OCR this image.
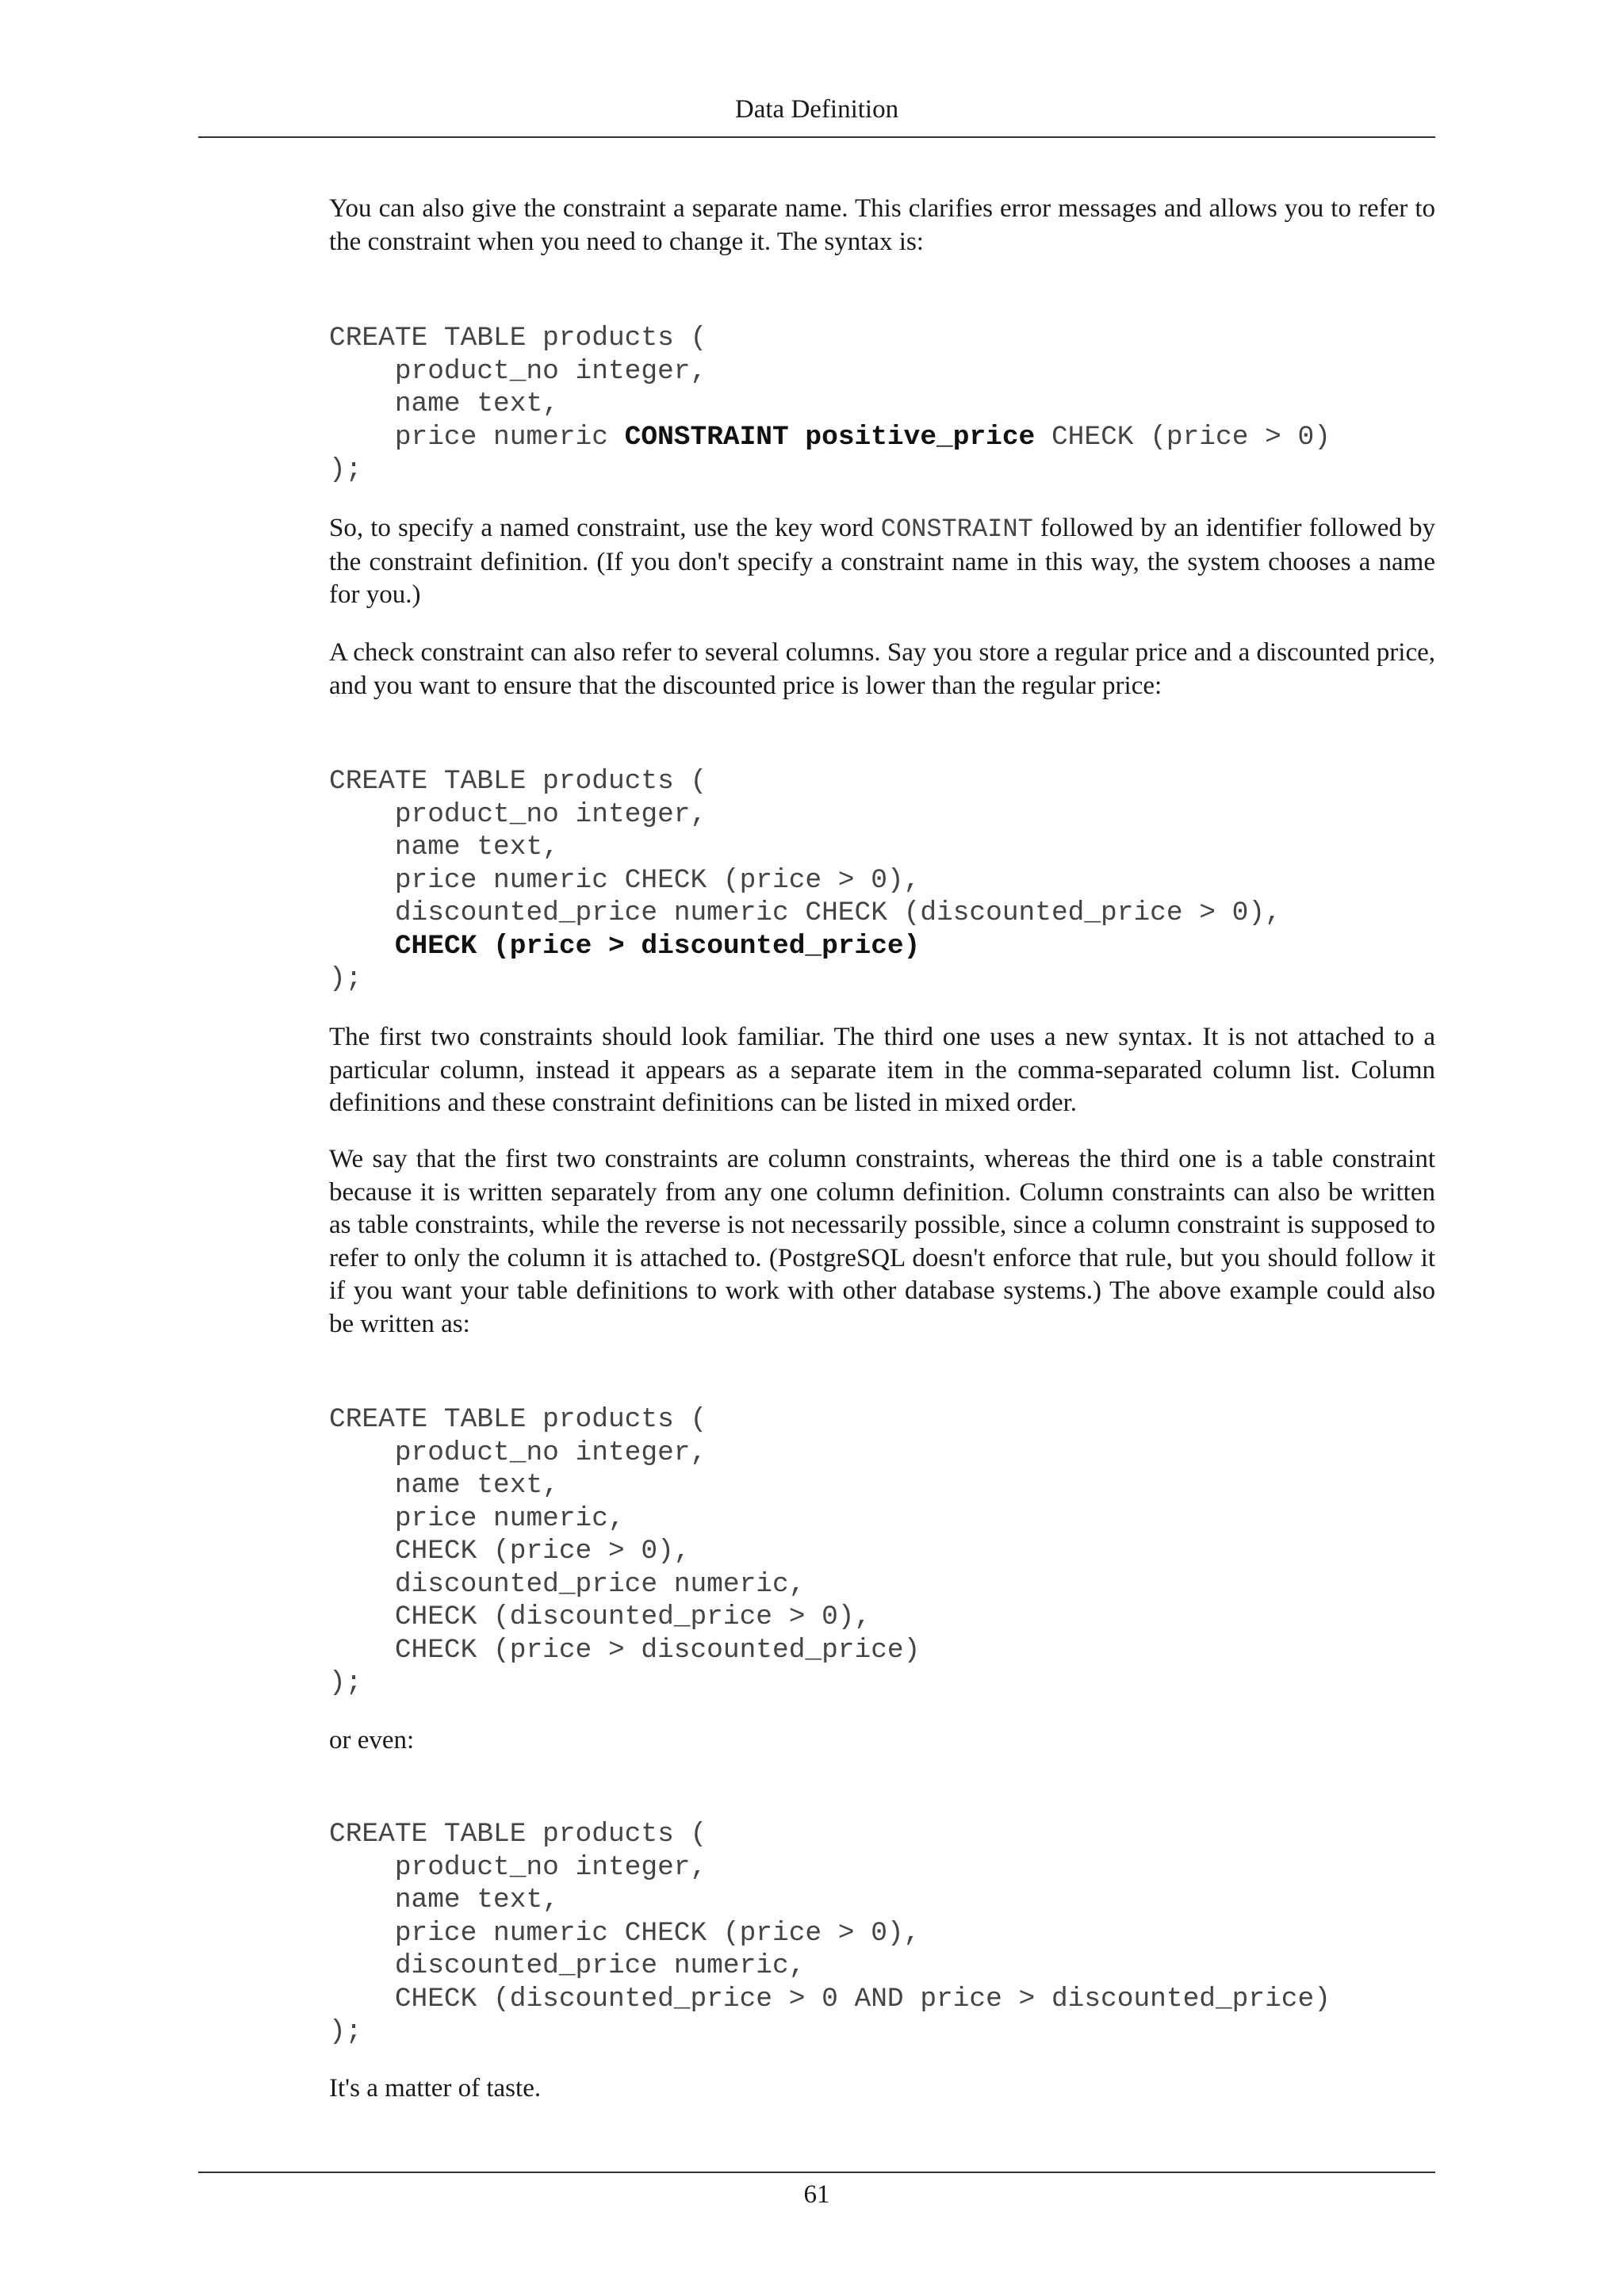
Data Definition

You can also give the constraint a separate name. This clarifies error messages and allows you to refer to the constraint when you need to change it. The syntax is:

CREATE TABLE products (
product_no integer,
name text,
price numeric CONSTRAINT positive_price CHECK (price > 0)
);

So, to specify a named constraint, use the key word CONSTRAINT followed by an identifier followed by the constraint definition. (If you don't specify a constraint name in this way, the system chooses a name for you.)

A check constraint can also refer to several columns. Say you store a regular price and a discounted price, and you want to ensure that the discounted price is lower than the regular price:

CREATE TABLE products (
product_no integer,
name text,
price numeric CHECK (price > 0),
discounted_price numeric CHECK (discounted_price > 0),
CHECK (price > discounted_price)
);

The first two constraints should look familiar. The third one uses a new syntax. It is not attached to a particular column, instead it appears as a separate item in the comma-separated column list. Column definitions and these constraint definitions can be listed in mixed order.

We say that the first two constraints are column constraints, whereas the third one is a table constraint because it is written separately from any one column definition. Column constraints can also be written as table constraints, while the reverse is not necessarily possible, since a column constraint is supposed to refer to only the column it is attached to. (PostgreSQL doesn't enforce that rule, but you should follow it if you want your table definitions to work with other database systems.) The above example could also be written as:

CREATE TABLE products (
product_no integer,
name text,
price numeric,
CHECK (price > 0),
discounted_price numeric,
CHECK (discounted_price > 0),
CHECK (price > discounted_price)
);

or even:

CREATE TABLE products (
product_no integer,
name text,
price numeric CHECK (price > 0),
discounted_price numeric,
CHECK (discounted_price > 0 AND price > discounted_price)
);

It's a matter of taste.

61
